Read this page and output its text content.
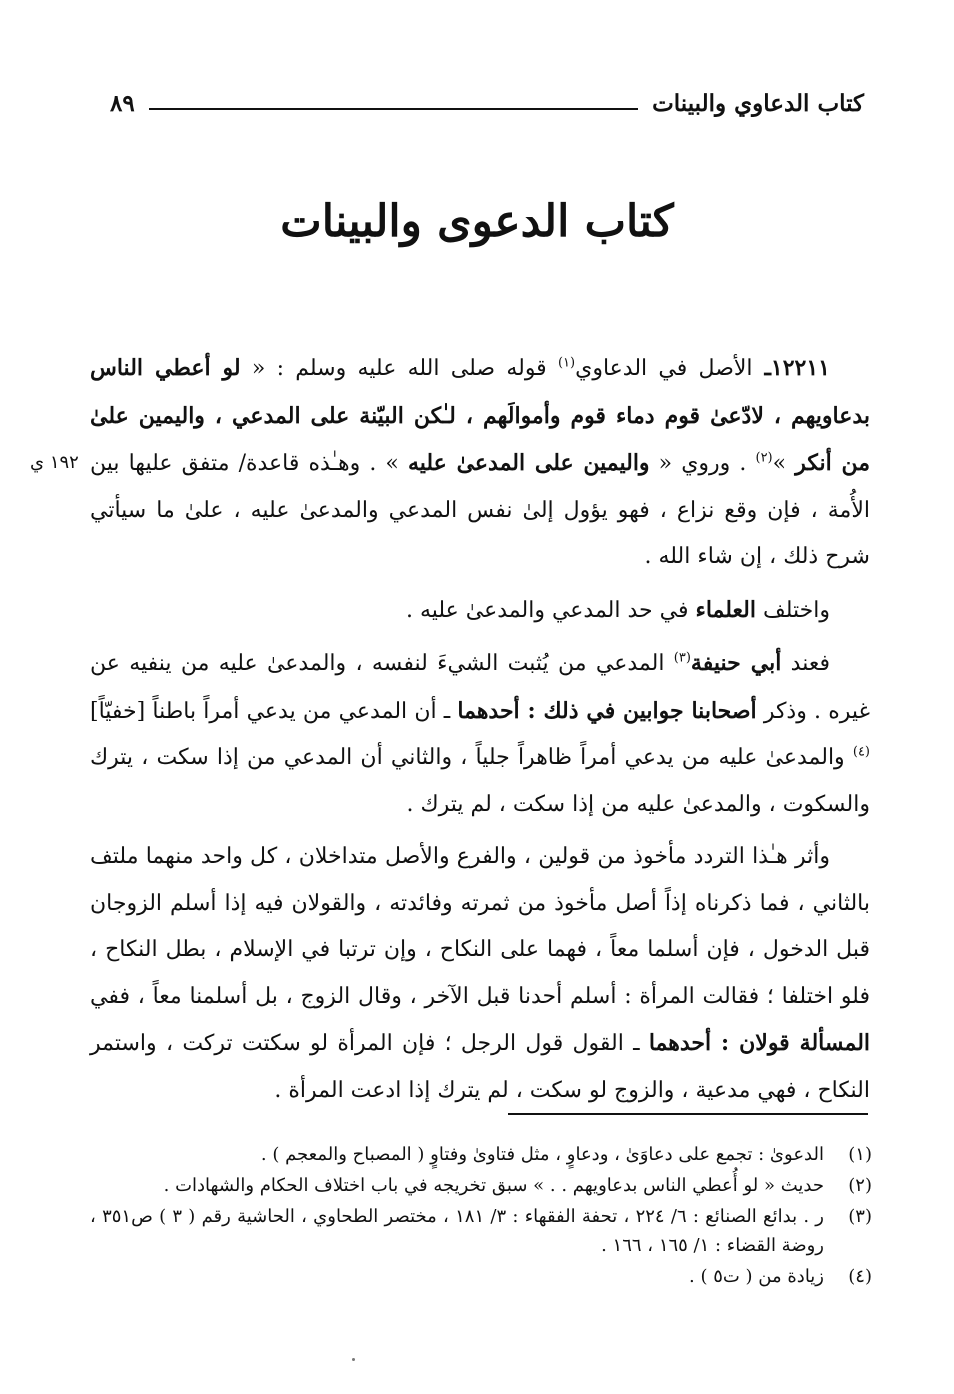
كتاب الدعاوي والبينات
٨٩
كتاب الدعوى والبينات
١٩٢ ي

١٢٢١١ـ الأصل في الدعاوي$^{(١)}$ قوله صلى الله عليه وسلم : « لو أعطي الناس بدعاويهم ، لادّعىٰ قوم دماء قوم وأموالَهم ، لـٰكن البيّنة على المدعي ، واليمين علىٰ من أنكر »$^{(٢)}$ . وروي « واليمين على المدعىٰ عليه » . وهـٰذه قاعدة/ متفق عليها بين الأُمة ، فإن وقع نزاع ، فهو يؤول إلىٰ نفس المدعي والمدعىٰ عليه ، علىٰ ما سيأتي شرح ذلك ، إن شاء الله .

واختلف العلماء في حد المدعي والمدعىٰ عليه .

فعند أبي حنيفة$^{(٣)}$ المدعي من يُثبت الشيءَ لنفسه ، والمدعىٰ عليه من ينفيه عن غيره . وذكر أصحابنا جوابين في ذلك : أحدهما ـ أن المدعي من يدعي أمراً باطناً [خفيّاً]$^{(٤)}$ والمدعىٰ عليه من يدعي أمراً ظاهراً جلياً ، والثاني أن المدعي من إذا سكت ، يترك والسكوت ، والمدعىٰ عليه من إذا سكت ، لم يترك .

وأثر هـٰذا التردد مأخوذ من قولين ، والفرع والأصل متداخلان ، كل واحد منهما ملتف بالثاني ، فما ذكرناه إذاً أصل مأخوذ من ثمرته وفائدته ، والقولان فيه إذا أسلم الزوجان قبل الدخول ، فإن أسلما معاً ، فهما على النكاح ، وإن ترتبا في الإسلام ، بطل النكاح ، فلو اختلفا ؛ فقالت المرأة : أسلم أحدنا قبل الآخر ، وقال الزوج ، بل أسلمنا معاً ، ففي المسألة قولان : أحدهما ـ القول قول الرجل ؛ فإن المرأة لو سكتت تركت ، واستمر النكاح ، فهي مدعية ، والزوج لو سكت ، لم يترك إذا ادعت المرأة .

(١)
الدعوىٰ : تجمع على دعاوَىٰ ، ودعاوٍ ، مثل فتاوىٰ وفتاوٍ ( المصباح والمعجم ) .
(٢)
حديث « لو أُعطي الناس بدعاويهم . . » سبق تخريجه في باب اختلاف الحكام والشهادات .
(٣)
ر . بدائع الصنائع : ٦/ ٢٢٤ ، تحفة الفقهاء : ٣/ ١٨١ ، مختصر الطحاوي ، الحاشية رقم ( ٣ ) ص٣٥١ ، روضة القضاء : ١/ ١٦٥ ، ١٦٦ .
(٤)
زيادة من ( ت٥ ) .
